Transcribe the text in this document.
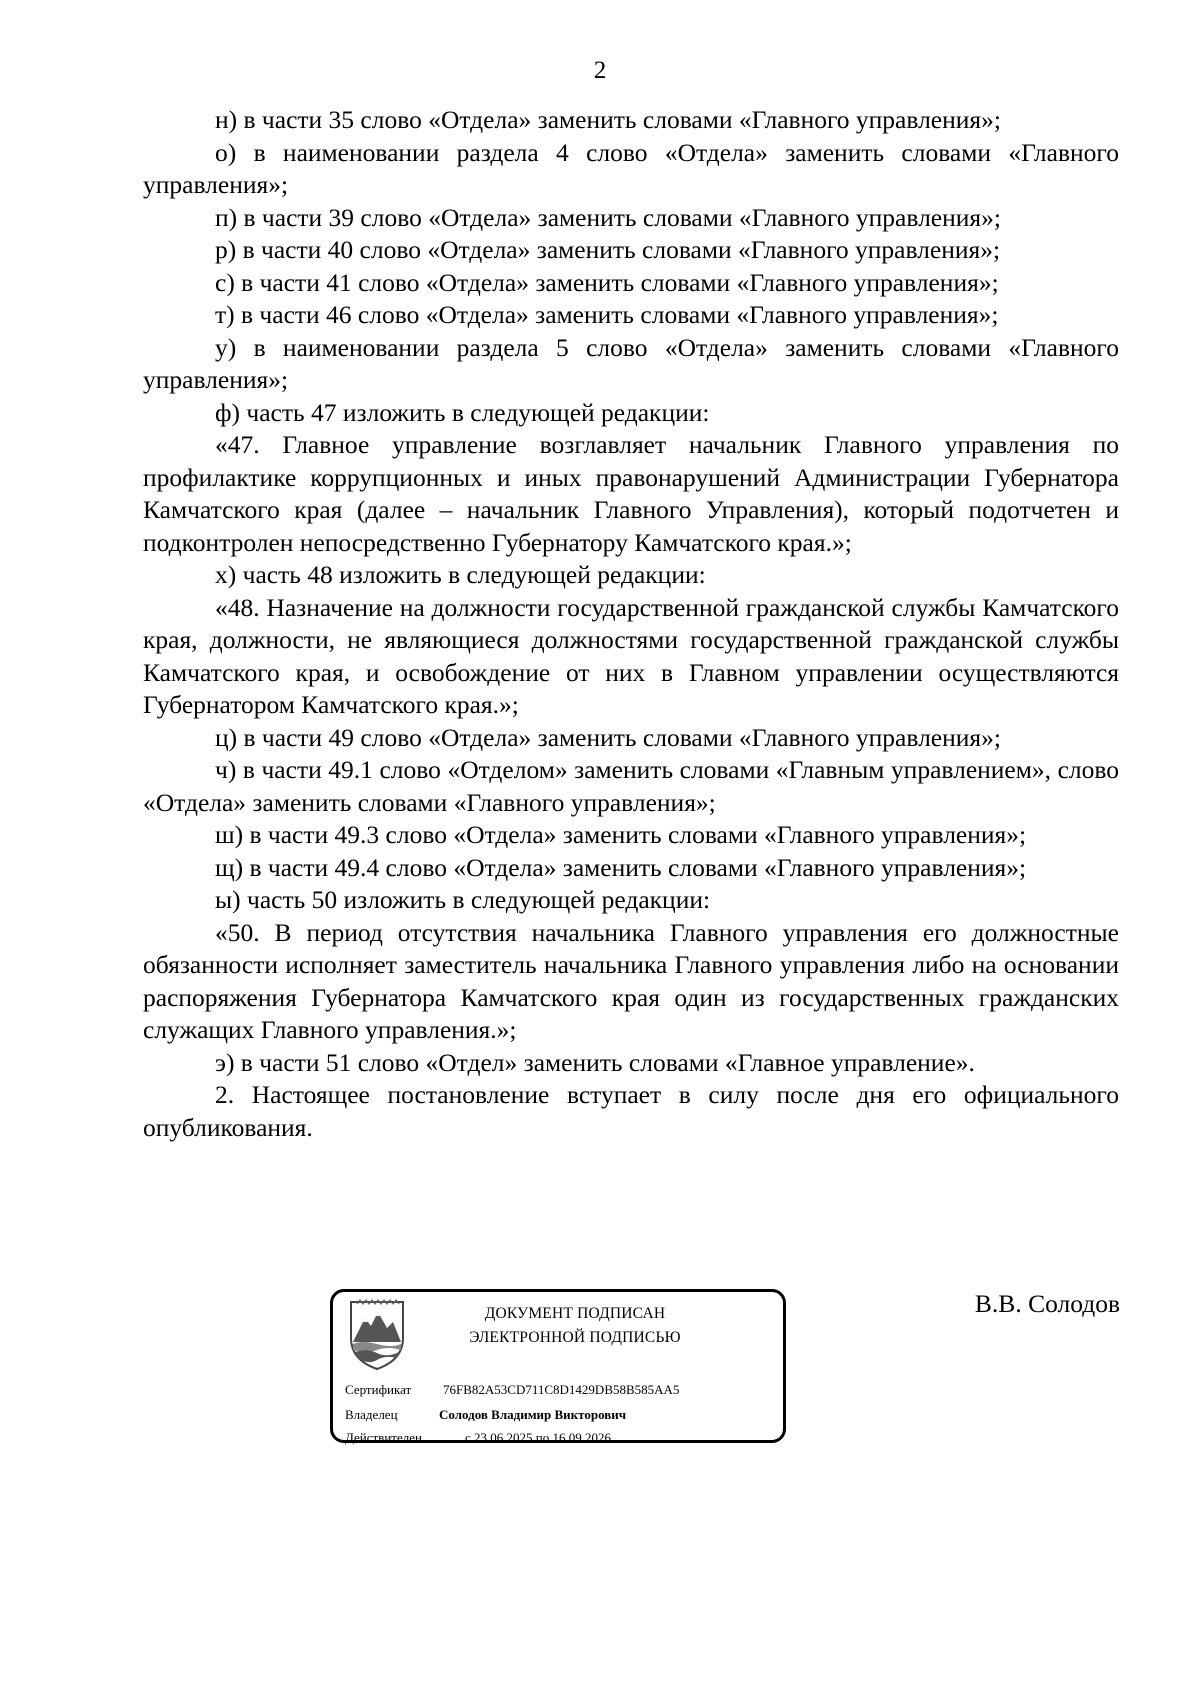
2

н) в части 35 слово «Отдела» заменить словами «Главного управления»;

о) в наименовании раздела 4 слово «Отдела» заменить словами «Главного управления»;

п) в части 39 слово «Отдела» заменить словами «Главного управления»;

р) в части 40 слово «Отдела» заменить словами «Главного управления»;

с) в части 41 слово «Отдела» заменить словами «Главного управления»;

т) в части 46 слово «Отдела» заменить словами «Главного управления»;

у) в наименовании раздела 5 слово «Отдела» заменить словами «Главного управления»;

ф) часть 47 изложить в следующей редакции:

«47. Главное управление возглавляет начальник Главного управления по профилактике коррупционных и иных правонарушений Администрации Губернатора Камчатского края (далее – начальник Главного Управления), который подотчетен и подконтролен непосредственно Губернатору Камчатского края.»;

х) часть 48 изложить в следующей редакции:

«48. Назначение на должности государственной гражданской службы Камчатского края, должности, не являющиеся должностями государственной гражданской службы Камчатского края, и освобождение от них в Главном управлении осуществляются Губернатором Камчатского края.»;

ц) в части 49 слово «Отдела» заменить словами «Главного управления»;

ч) в части 49.1 слово «Отделом» заменить словами «Главным управлением», слово «Отдела» заменить словами «Главного управления»;

ш) в части 49.3 слово «Отдела» заменить словами «Главного управления»;

щ) в части 49.4 слово «Отдела» заменить словами «Главного управления»;

ы) часть 50 изложить в следующей редакции:

«50. В период отсутствия начальника Главного управления его должностные обязанности исполняет заместитель начальника Главного управления либо на основании распоряжения Губернатора Камчатского края один из государственных гражданских служащих Главного управления.»;

э) в части 51 слово «Отдел» заменить словами «Главное управление».

2. Настоящее постановление вступает в силу после дня его официального опубликования.

ДОКУМЕНТ ПОДПИСАН
ЭЛЕКТРОННОЙ ПОДПИСЬЮ
Сертификат 76FB82A53CD711C8D1429DB58B585AA5
Владелец	Солодов Владимир Викторович
Действителен	с 23.06.2025 по 16.09.2026
В.В. Солодов
